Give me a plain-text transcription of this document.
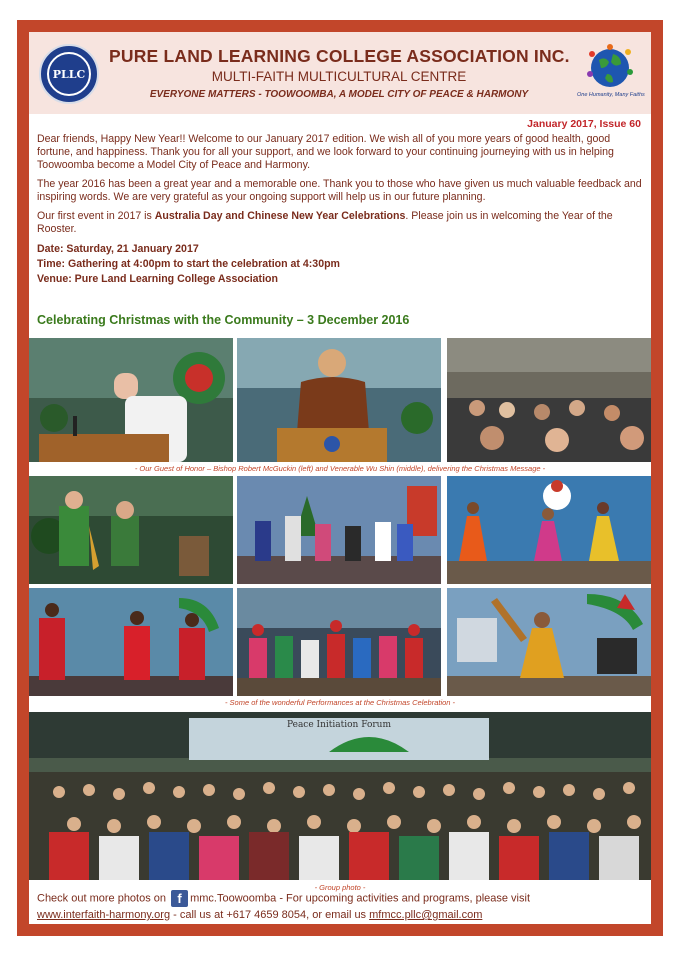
PLLC
PURE LAND LEARNING COLLEGE ASSOCIATION INC.
MULTI-FAITH MULTICULTURAL CENTRE
EVERYONE MATTERS - TOOWOOMBA, A MODEL CITY OF PEACE & HARMONY	One Humanity, Many Faiths
January 2017, Issue 60

Dear friends, Happy New Year!! Welcome to our January 2017 edition. We wish all of you more years of good health, good fortune, and happiness. Thank you for all your support, and we look forward to your continuing journeying with us in helping Toowoomba become a Model City of Peace and Harmony.

The year 2016 has been a great year and a memorable one. Thank you to those who have given us much valuable feedback and inspiring words. We are very grateful as your ongoing support will help us in our future planning.

Our first event in 2017 is Australia Day and Chinese New Year Celebrations. Please join us in welcoming the Year of the Rooster.

Date: Saturday, 21 January 2017
Time: Gathering at 4:00pm to start the celebration at 4:30pm
Venue: Pure Land Learning College Association
Celebrating Christmas with the Community – 3 December 2016
- Our Guest of Honor – Bishop Robert McGuckin (left) and Venerable Wu Shin (middle), delivering the Christmas Message -
- Some of the wonderful Performances at the Christmas Celebration -
Peace Initiation Forum
- Group photo -
Check out more photos on f mmc.Toowoomba - For upcoming activities and programs, please visit
www.interfaith-harmony.org - call us at +617 4659 8054, or email us mfmcc.pllc@gmail.com
